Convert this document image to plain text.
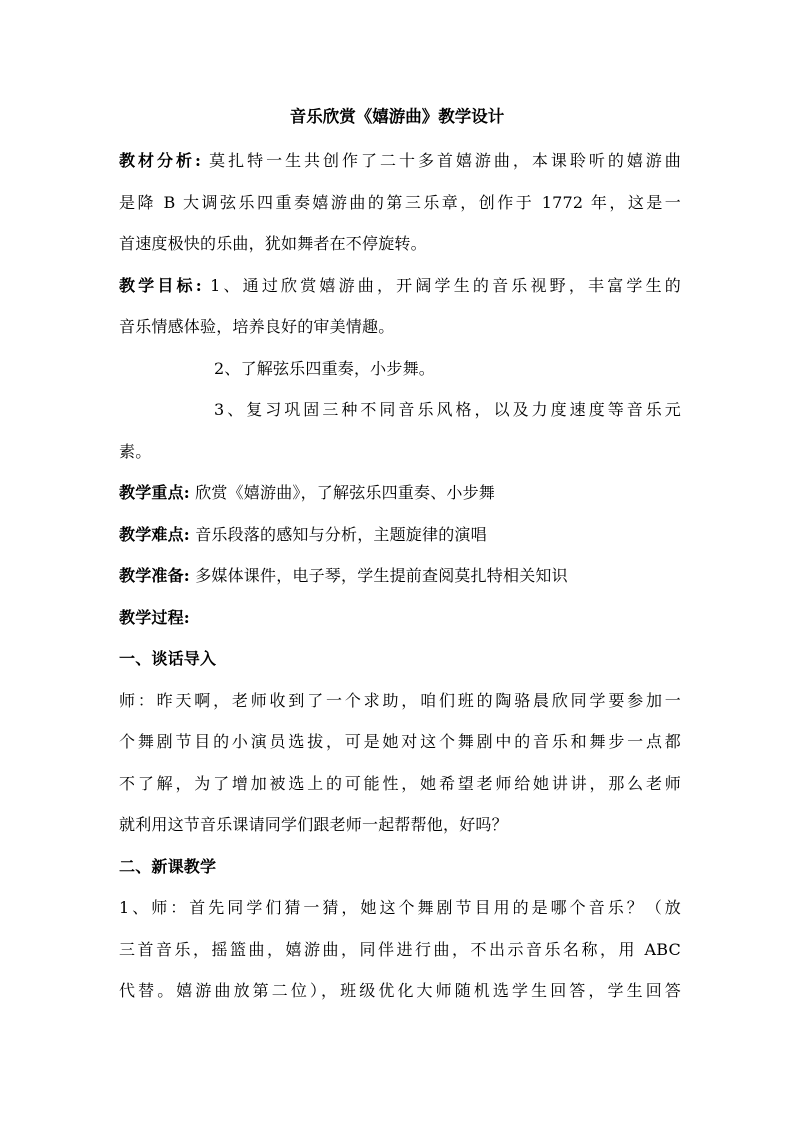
音乐欣赏《嬉游曲》教学设计

教材分析: 莫扎特一生共创作了二十多首嬉游曲，本课聆听的嬉游曲
是降 B 大调弦乐四重奏嬉游曲的第三乐章，创作于 1772 年，这是一
首速度极快的乐曲，犹如舞者在不停旋转。

教学目标: 1、通过欣赏嬉游曲，开阔学生的音乐视野，丰富学生的
音乐情感体验，培养良好的审美情趣。
2、了解弦乐四重奏，小步舞。
3、复习巩固三种不同音乐风格，以及力度速度等音乐元
素。

教学重点: 欣赏《嬉游曲》，了解弦乐四重奏、小步舞

教学难点: 音乐段落的感知与分析，主题旋律的演唱

教学准备: 多媒体课件，电子琴，学生提前查阅莫扎特相关知识

教学过程:

一、谈话导入
师：昨天啊，老师收到了一个求助，咱们班的陶骆晨欣同学要参加一
个舞剧节目的小演员选拔，可是她对这个舞剧中的音乐和舞步一点都
不了解，为了增加被选上的可能性，她希望老师给她讲讲，那么老师
就利用这节音乐课请同学们跟老师一起帮帮他，好吗？

二、新课教学
1、师：首先同学们猜一猜，她这个舞剧节目用的是哪个音乐？（放
三首音乐，摇篮曲，嬉游曲，同伴进行曲，不出示音乐名称，用 ABC
代替。嬉游曲放第二位），班级优化大师随机选学生回答，学生回答
